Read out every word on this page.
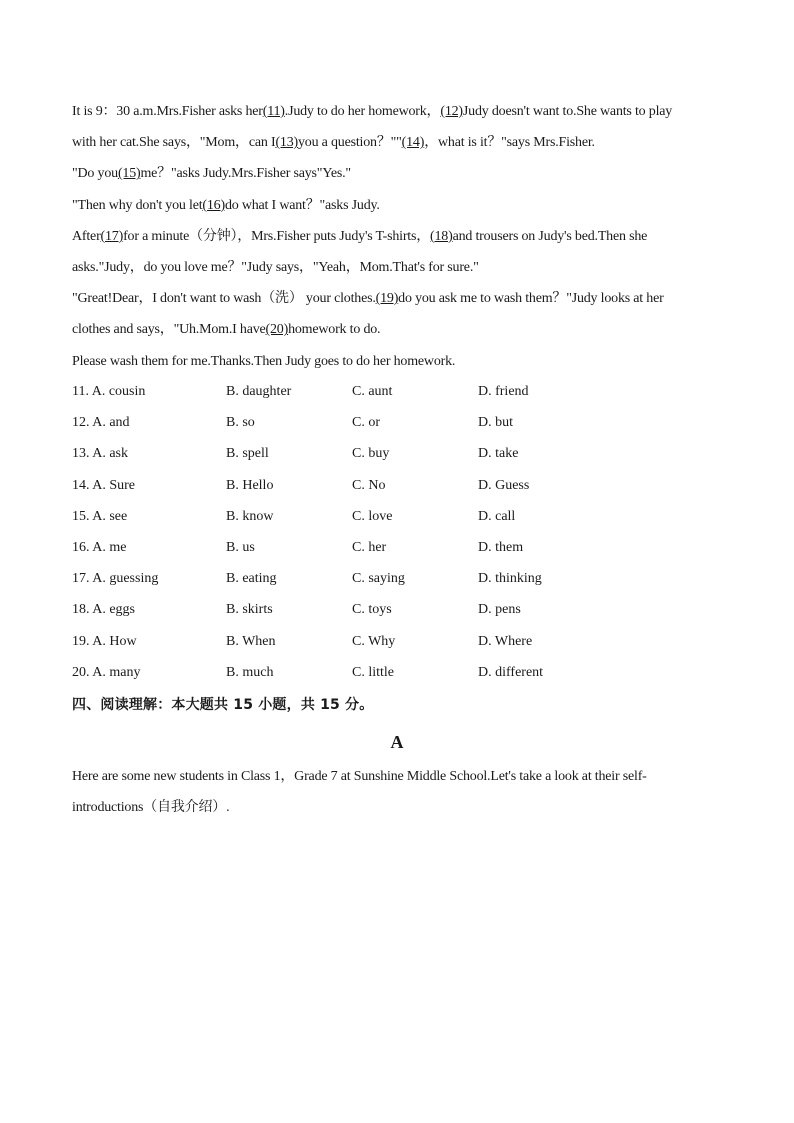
It is 9：30 a.m.Mrs.Fisher asks her(11).Judy to do her homework，(12)Judy doesn't want to.She wants to play
with her cat.She says，"Mom，can I(13)you a question？""(14)，what is it？"says Mrs.Fisher.
"Do you(15)me？"asks Judy.Mrs.Fisher says"Yes."
"Then why don't you let(16)do what I want？"asks Judy.
After(17)for a minute（分钟），Mrs.Fisher puts Judy's T-shirts，(18)and trousers on Judy's bed.Then she
asks."Judy，do you love me？"Judy says，"Yeah，Mom.That's for sure."
"Great!Dear，I don't want to wash（洗） your clothes.(19)do you ask me to wash them？"Judy looks at her
clothes and says，"Uh.Mom.I have(20)homework to do.
Please wash them for me.Thanks.Then Judy goes to do her homework.
11. A. cousin	B. daughter	C. aunt	D. friend
12. A. and	B. so	C. or	D. but
13. A. ask	B. spell	C. buy	D. take
14. A. Sure	B. Hello	C. No	D. Guess
15. A. see	B. know	C. love	D. call
16. A. me	B. us	C. her	D. them
17. A. guessing	B. eating	C. saying	D. thinking
18. A. eggs	B. skirts	C. toys	D. pens
19. A. How	B. When	C. Why	D. Where
20. A. many	B. much	C. little	D. different
四、阅读理解：本大题共 15 小题，共 15 分。
A
Here are some new students in Class 1，Grade 7 at Sunshine Middle School.Let's take a look at their self-
introductions（自我介绍）.
